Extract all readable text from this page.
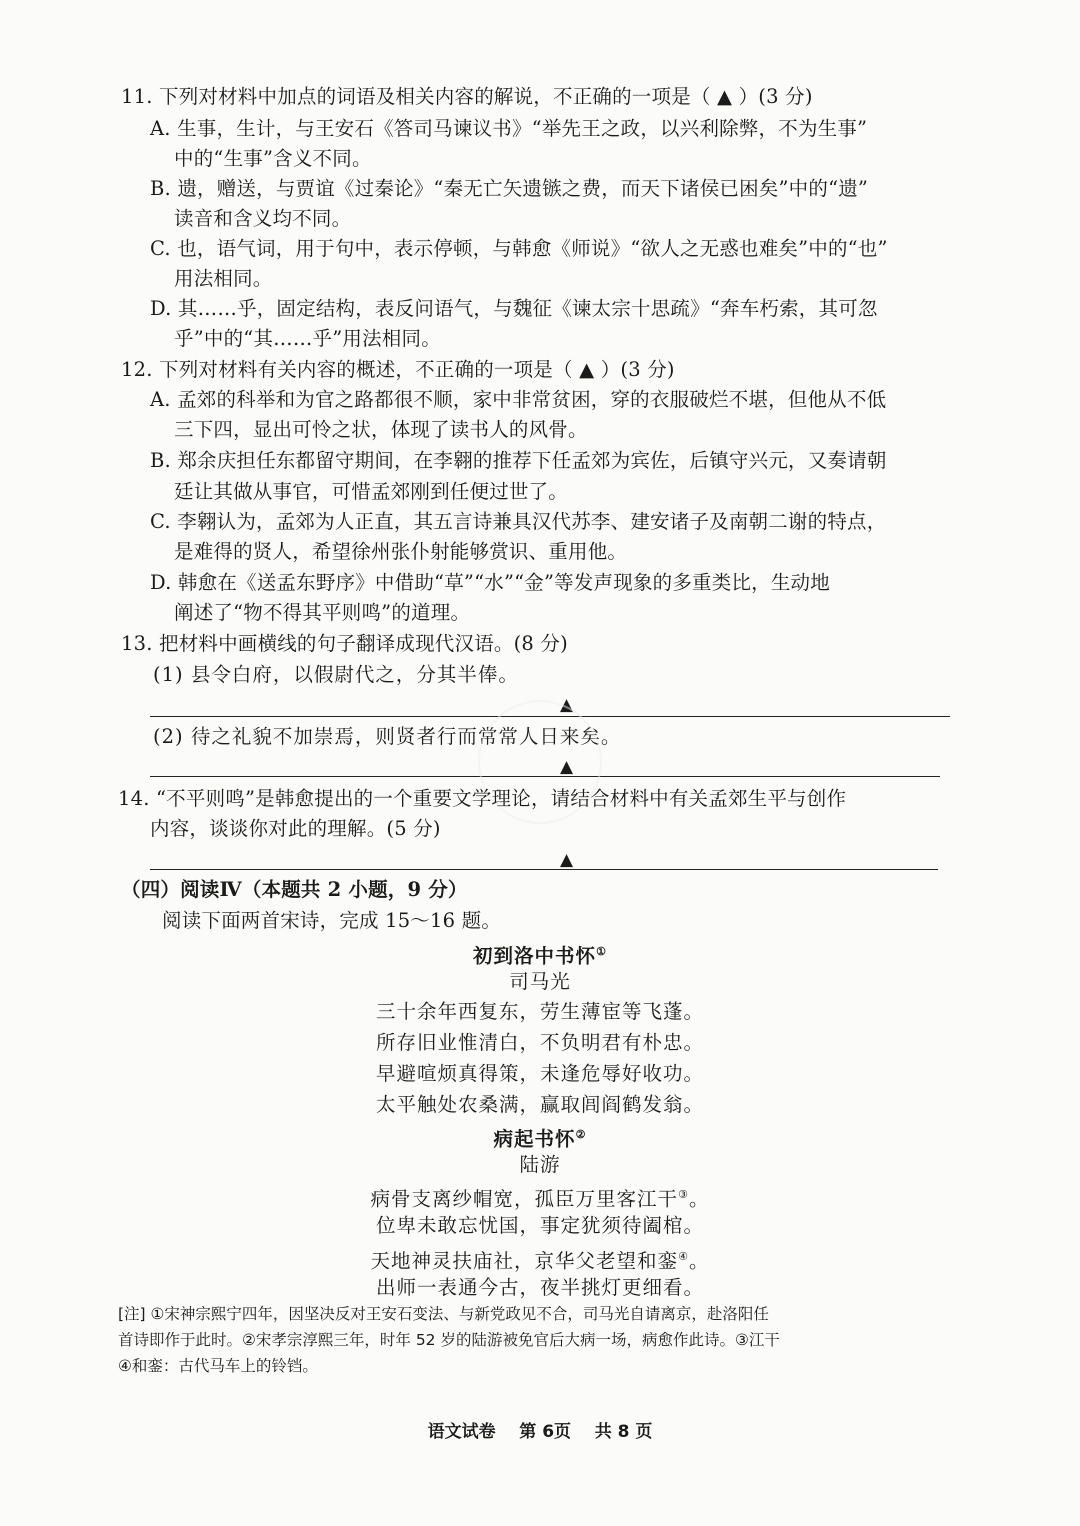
11. 下列对材料中加点的词语及相关内容的解说，不正确的一项是（ ▲ ）(3 分)
A. 生事，生计，与王安石《答司马谏议书》“举先王之政，以兴利除弊，不为生事”
中的“生事”含义不同。
B. 遗，赠送，与贾谊《过秦论》“秦无亡矢遗镞之费，而天下诸侯已困矣”中的“遗”
读音和含义均不同。
C. 也，语气词，用于句中，表示停顿，与韩愈《师说》“欲人之无惑也难矣”中的“也”
用法相同。
D. 其……乎，固定结构，表反问语气，与魏征《谏太宗十思疏》“奔车朽索，其可忽
乎”中的“其……乎”用法相同。
12. 下列对材料有关内容的概述，不正确的一项是（ ▲ ）(3 分)
A. 孟郊的科举和为官之路都很不顺，家中非常贫困，穿的衣服破烂不堪，但他从不低
三下四，显出可怜之状，体现了读书人的风骨。
B. 郑余庆担任东都留守期间，在李翱的推荐下任孟郊为宾佐，后镇守兴元，又奏请朝
廷让其做从事官，可惜孟郊刚到任便过世了。
C. 李翱认为，孟郊为人正直，其五言诗兼具汉代苏李、建安诸子及南朝二谢的特点，
是难得的贤人，希望徐州张仆射能够赏识、重用他。
D. 韩愈在《送孟东野序》中借助“草”“水”“金”等发声现象的多重类比，生动地
阐述了“物不得其平则鸣”的道理。
13. 把材料中画横线的句子翻译成现代汉语。(8 分)
(1) 县令白府，以假尉代之，分其半俸。
▲
(2) 待之礼貌不加崇焉，则贤者行而常常人日来矣。
▲
14. “不平则鸣”是韩愈提出的一个重要文学理论，请结合材料中有关孟郊生平与创作
内容，谈谈你对此的理解。(5 分)
▲
（四）阅读Ⅳ（本题共 2 小题，9 分）
阅读下面两首宋诗，完成 15～16 题。
初到洛中书怀①
司马光
三十余年西复东，劳生薄宦等飞蓬。
所存旧业惟清白，不负明君有朴忠。
早避喧烦真得策，未逢危辱好收功。
太平触处农桑满，赢取闾阎鹤发翁。
病起书怀②
陆游
病骨支离纱帽宽，孤臣万里客江干③。
位卑未敢忘忧国，事定犹须待阖棺。
天地神灵扶庙社，京华父老望和銮④。
出师一表通今古，夜半挑灯更细看。
[注] ①宋神宗熙宁四年，因坚决反对王安石变法、与新党政见不合，司马光自请离京，赴洛阳任
首诗即作于此时。②宋孝宗淳熙三年，时年 52 岁的陆游被免官后大病一场，病愈作此诗。③江干
④和銮：古代马车上的铃铛。
语文试卷    第 6页    共 8 页
